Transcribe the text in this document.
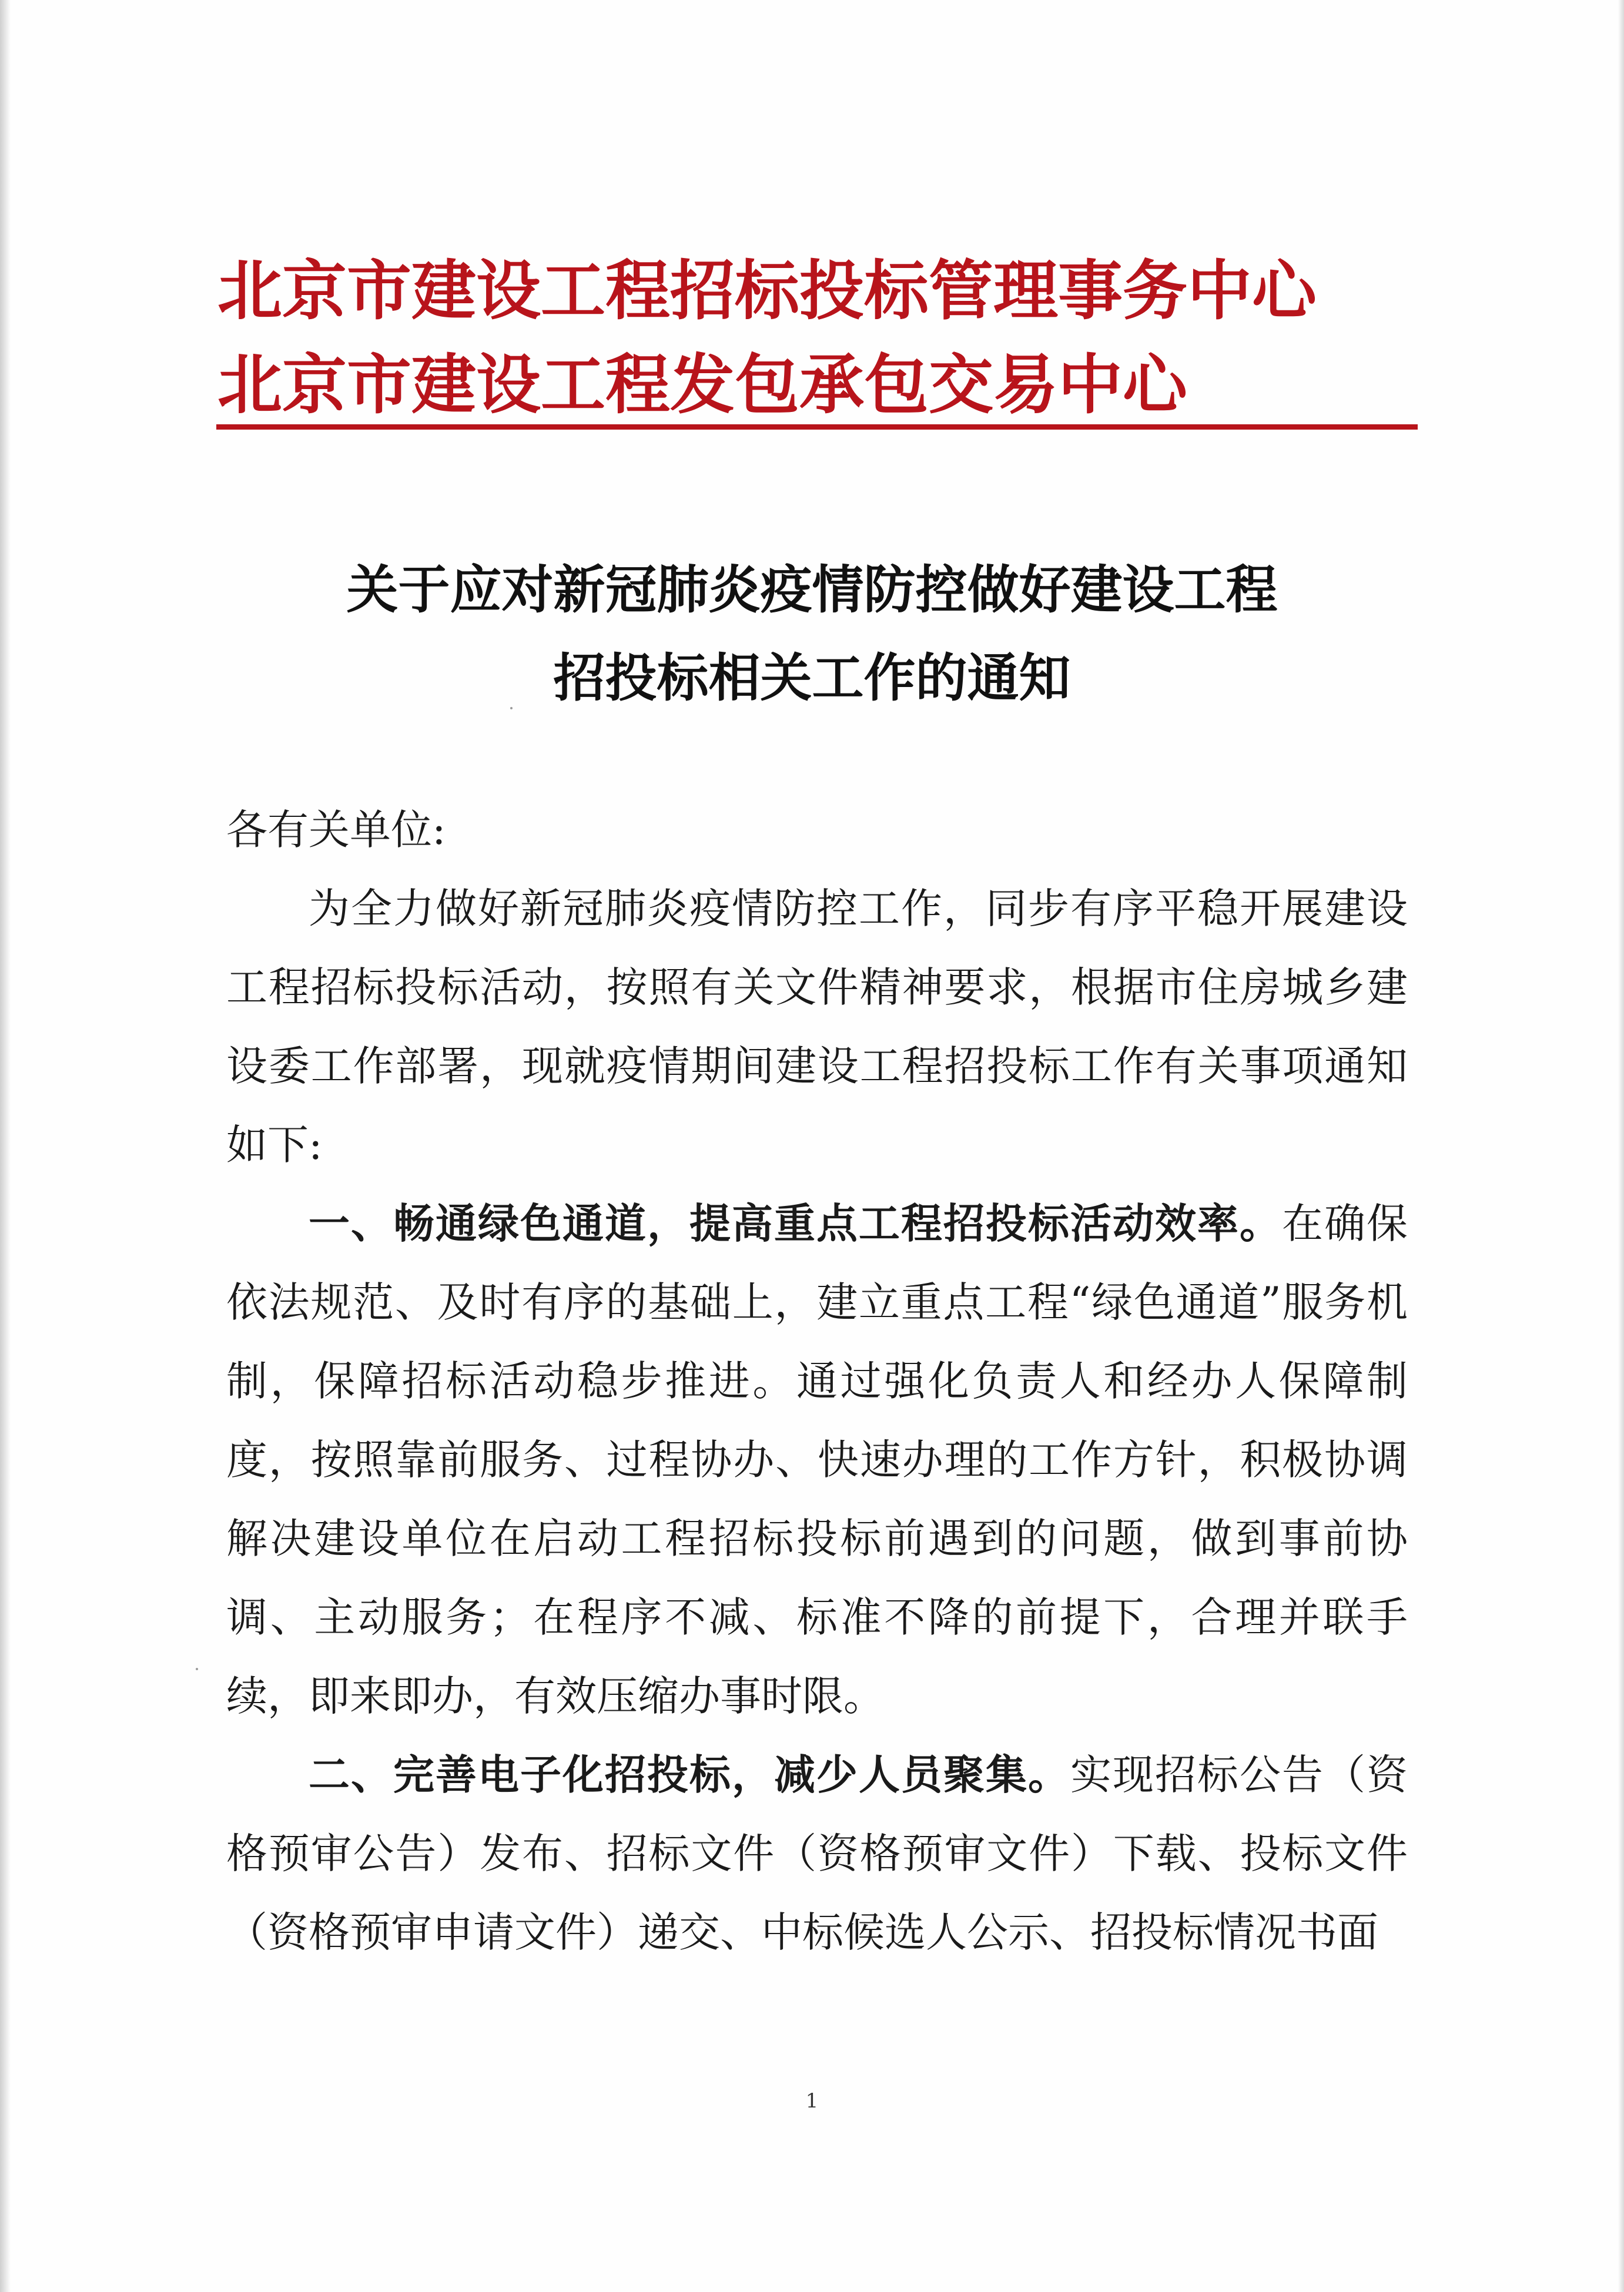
北京市建设工程招标投标管理事务中心
北京市建设工程发包承包交易中心
关于应对新冠肺炎疫情防控做好建设工程
招投标相关工作的通知

各有关单位:

为全力做好新冠肺炎疫情防控工作，同步有序平稳开展建设工程招标投标活动，按照有关文件精神要求，根据市住房城乡建设委工作部署，现就疫情期间建设工程招投标工作有关事项通知如下:

一、畅通绿色通道，提高重点工程招投标活动效率。在确保依法规范、及时有序的基础上，建立重点工程“绿色通道”服务机制，保障招标活动稳步推进。通过强化负责人和经办人保障制度，按照靠前服务、过程协办、快速办理的工作方针，积极协调解决建设单位在启动工程招标投标前遇到的问题，做到事前协调、主动服务；在程序不减、标准不降的前提下，合理并联手续，即来即办，有效压缩办事时限。

二、完善电子化招投标，减少人员聚集。实现招标公告（资格预审公告）发布、招标文件（资格预审文件）下载、投标文件（资格预审申请文件）递交、中标候选人公示、招投标情况书面

1
